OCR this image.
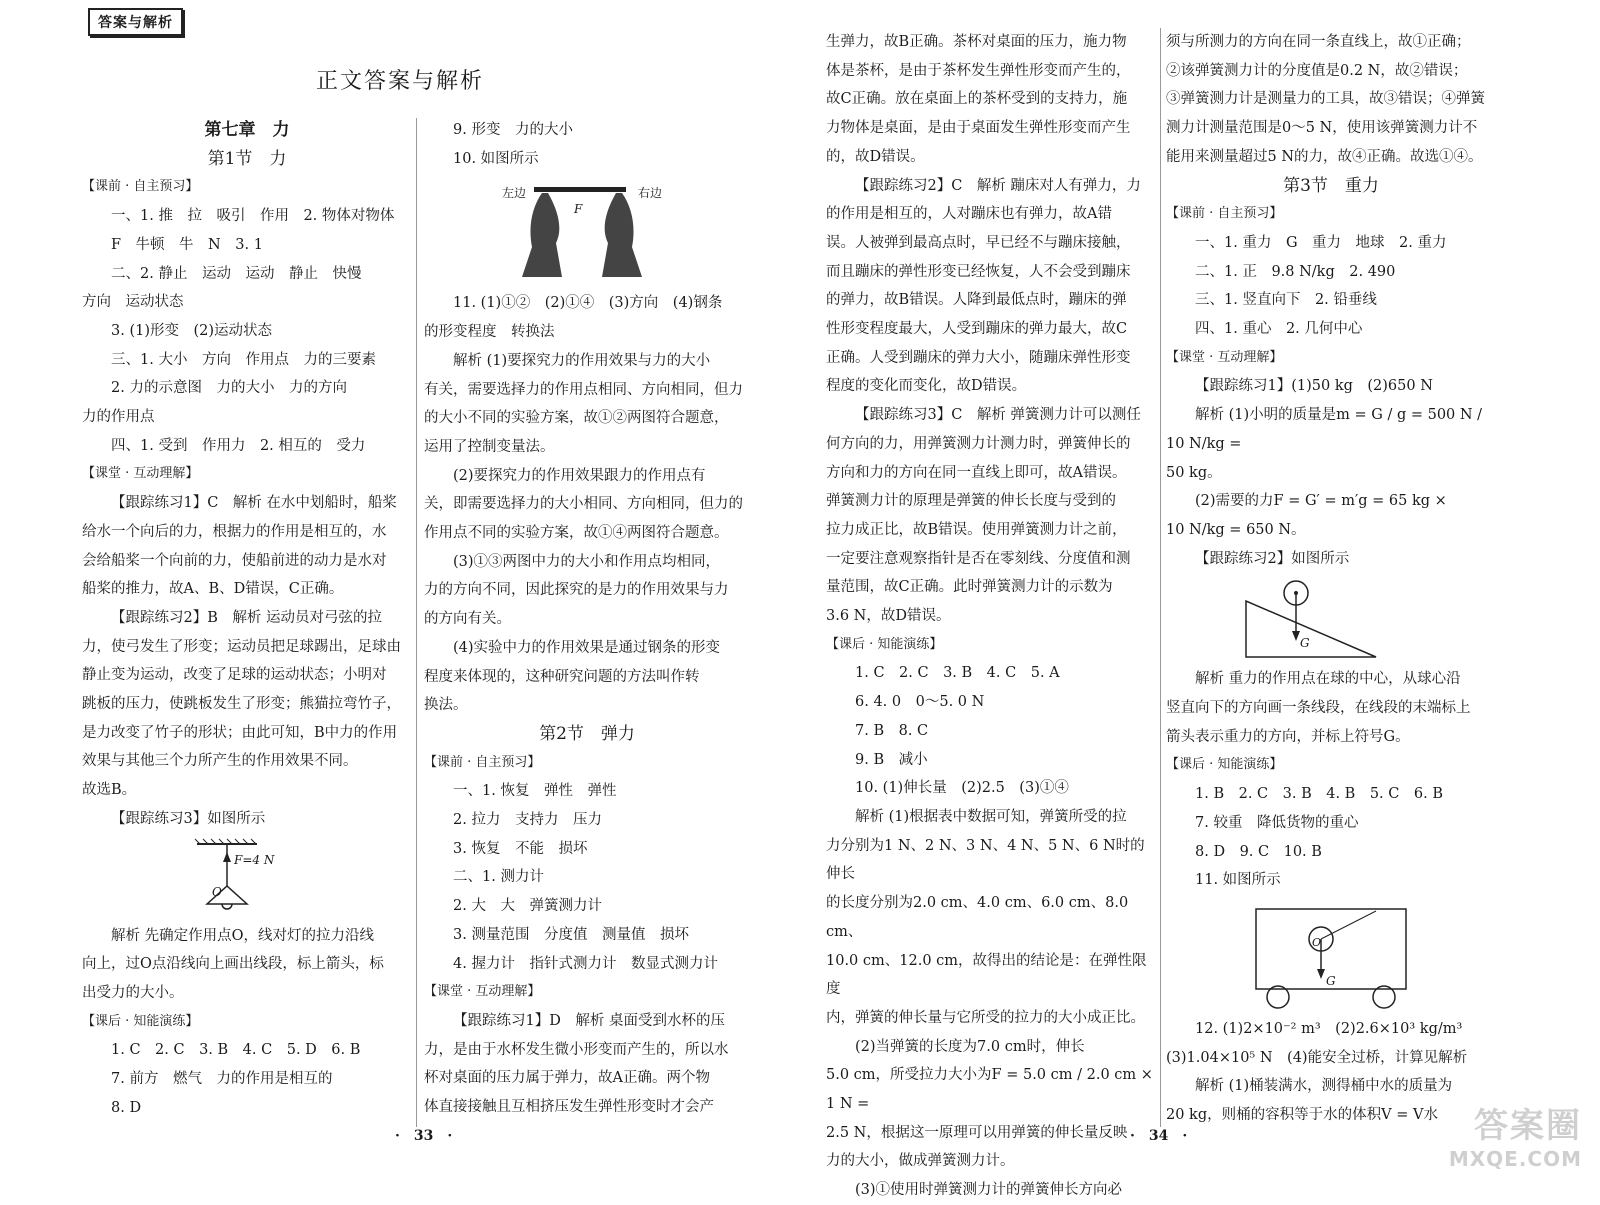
答案与解析
正文答案与解析

第七章　力

第1节　力

【课前 · 自主预习】

一、1. 推　拉　吸引　作用　2. 物体对物体

F　牛顿　牛　N　3. 1

二、2. 静止　运动　运动　静止　快慢

方向　运动状态

3. (1)形变　(2)运动状态

三、1. 大小　方向　作用点　力的三要素

2. 力的示意图　力的大小　力的方向

力的作用点

四、1. 受到　作用力　2. 相互的　受力

【课堂 · 互动理解】

【跟踪练习1】C　解析 在水中划船时，船桨

给水一个向后的力，根据力的作用是相互的，水

会给船桨一个向前的力，使船前进的动力是水对

船桨的推力，故A、B、D错误，C正确。

【跟踪练习2】B　解析 运动员对弓弦的拉

力，使弓发生了形变；运动员把足球踢出，足球由

静止变为运动，改变了足球的运动状态；小明对

跳板的压力，使跳板发生了形变；熊猫拉弯竹子，

是力改变了竹子的形状；由此可知，B中力的作用

效果与其他三个力所产生的作用效果不同。

故选B。

【跟踪练习3】如图所示

F=4 N
O

解析 先确定作用点O，线对灯的拉力沿线

向上，过O点沿线向上画出线段，标上箭头，标

出受力的大小。

【课后 · 知能演练】

1. C　2. C　3. B　4. C　5. D　6. B

7. 前方　燃气　力的作用是相互的

8. D

9. 形变　力的大小

10. 如图所示

左边	右边
F

11. (1)①②　(2)①④　(3)方向　(4)钢条

的形变程度　转换法

解析 (1)要探究力的作用效果与力的大小

有关，需要选择力的作用点相同、方向相同，但力

的大小不同的实验方案，故①②两图符合题意，

运用了控制变量法。

(2)要探究力的作用效果跟力的作用点有

关，即需要选择力的大小相同、方向相同，但力的

作用点不同的实验方案，故①④两图符合题意。

(3)①③两图中力的大小和作用点均相同，

力的方向不同，因此探究的是力的作用效果与力

的方向有关。

(4)实验中力的作用效果是通过钢条的形变

程度来体现的，这种研究问题的方法叫作转

换法。

第2节　弹力

【课前 · 自主预习】

一、1. 恢复　弹性　弹性

2. 拉力　支持力　压力

3. 恢复　不能　损坏

二、1. 测力计

2. 大　大　弹簧测力计

3. 测量范围　分度值　测量值　损坏

4. 握力计　指针式测力计　数显式测力计

【课堂 · 互动理解】

【跟踪练习1】D　解析 桌面受到水杯的压

力，是由于水杯发生微小形变而产生的，所以水

杯对桌面的压力属于弹力，故A正确。两个物

体直接接触且互相挤压发生弹性形变时才会产

·　33　·

生弹力，故B正确。茶杯对桌面的压力，施力物

体是茶杯，是由于茶杯发生弹性形变而产生的，

故C正确。放在桌面上的茶杯受到的支持力，施

力物体是桌面，是由于桌面发生弹性形变而产生

的，故D错误。

【跟踪练习2】C　解析 蹦床对人有弹力，力

的作用是相互的，人对蹦床也有弹力，故A错

误。人被弹到最高点时，早已经不与蹦床接触，

而且蹦床的弹性形变已经恢复，人不会受到蹦床

的弹力，故B错误。人降到最低点时，蹦床的弹

性形变程度最大，人受到蹦床的弹力最大，故C

正确。人受到蹦床的弹力大小，随蹦床弹性形变

程度的变化而变化，故D错误。

【跟踪练习3】C　解析 弹簧测力计可以测任

何方向的力，用弹簧测力计测力时，弹簧伸长的

方向和力的方向在同一直线上即可，故A错误。

弹簧测力计的原理是弹簧的伸长长度与受到的

拉力成正比，故B错误。使用弹簧测力计之前，

一定要注意观察指针是否在零刻线、分度值和测

量范围，故C正确。此时弹簧测力计的示数为

3.6 N，故D错误。

【课后 · 知能演练】

1. C　2. C　3. B　4. C　5. A

6. 4. 0　0～5. 0 N

7. B　8. C

9. B　减小

10. (1)伸长量　(2)2.5　(3)①④

解析 (1)根据表中数据可知，弹簧所受的拉

力分别为1 N、2 N、3 N、4 N、5 N、6 N时的伸长

的长度分别为2.0 cm、4.0 cm、6.0 cm、8.0 cm、

10.0 cm、12.0 cm，故得出的结论是：在弹性限度

内，弹簧的伸长量与它所受的拉力的大小成正比。

(2)当弹簧的长度为7.0 cm时，伸长

5.0 cm，所受拉力大小为F = 5.0 cm / 2.0 cm × 1 N =

2.5 N，根据这一原理可以用弹簧的伸长量反映

力的大小，做成弹簧测力计。

(3)①使用时弹簧测力计的弹簧伸长方向必

须与所测力的方向在同一条直线上，故①正确；

②该弹簧测力计的分度值是0.2 N，故②错误；

③弹簧测力计是测量力的工具，故③错误；④弹簧

测力计测量范围是0～5 N，使用该弹簧测力计不

能用来测量超过5 N的力，故④正确。故选①④。

第3节　重力

【课前 · 自主预习】

一、1. 重力　G　重力　地球　2. 重力

二、1. 正　9.8 N/kg　2. 490

三、1. 竖直向下　2. 铅垂线

四、1. 重心　2. 几何中心

【课堂 · 互动理解】

【跟踪练习1】(1)50 kg　(2)650 N

解析 (1)小明的质量是m = G / g = 500 N / 10 N/kg =

50 kg。

(2)需要的力F = G′ = m′g = 65 kg ×

10 N/kg = 650 N。

【跟踪练习2】如图所示

G

解析 重力的作用点在球的中心，从球心沿

竖直向下的方向画一条线段，在线段的末端标上

箭头表示重力的方向，并标上符号G。

【课后 · 知能演练】

1. B　2. C　3. B　4. B　5. C　6. B

7. 较重　降低货物的重心

8. D　9. C　10. B

11. 如图所示

O
G

12. (1)2×10⁻² m³　(2)2.6×10³ kg/m³

(3)1.04×10⁵ N　(4)能安全过桥，计算见解析

解析 (1)桶装满水，测得桶中水的质量为

20 kg，则桶的容积等于水的体积V = V水

·　34　·	答案圈
MXQE.COM
